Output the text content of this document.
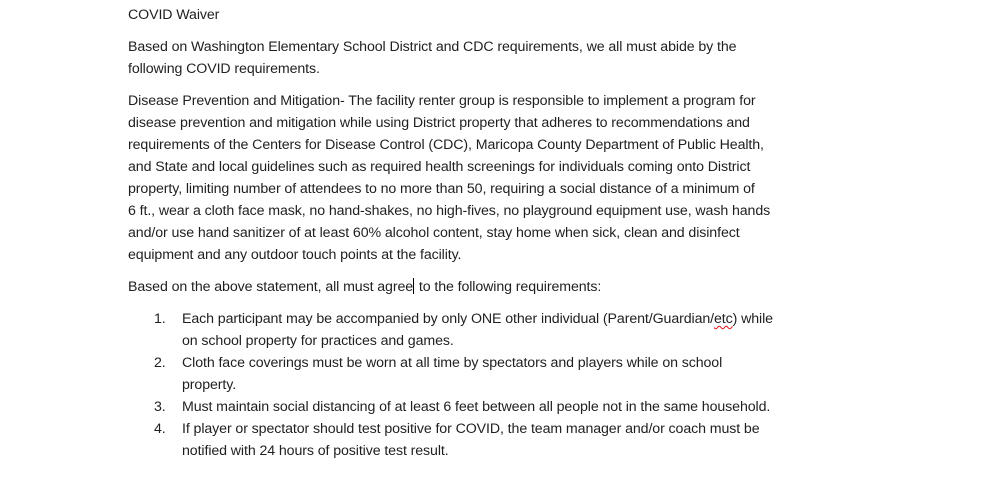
COVID Waiver
Based on Washington Elementary School District and CDC requirements, we all must abide by the
following COVID requirements.
Disease Prevention and Mitigation- The facility renter group is responsible to implement a program for
disease prevention and mitigation while using District property that adheres to recommendations and
requirements of the Centers for Disease Control (CDC), Maricopa County Department of Public Health,
and State and local guidelines such as required health screenings for individuals coming onto District
property, limiting number of attendees to no more than 50, requiring a social distance of a minimum of
6 ft., wear a cloth face mask, no hand-shakes, no high-fives, no playground equipment use, wash hands
and/or use hand sanitizer of at least 60% alcohol content, stay home when sick, clean and disinfect
equipment and any outdoor touch points at the facility.
Based on the above statement, all must agree to the following requirements:
1. Each participant may be accompanied by only ONE other individual (Parent/Guardian/etc) while
on school property for practices and games.
2. Cloth face coverings must be worn at all time by spectators and players while on school
property.
3. Must maintain social distancing of at least 6 feet between all people not in the same household.
4. If player or spectator should test positive for COVID, the team manager and/or coach must be
notified with 24 hours of positive test result.
